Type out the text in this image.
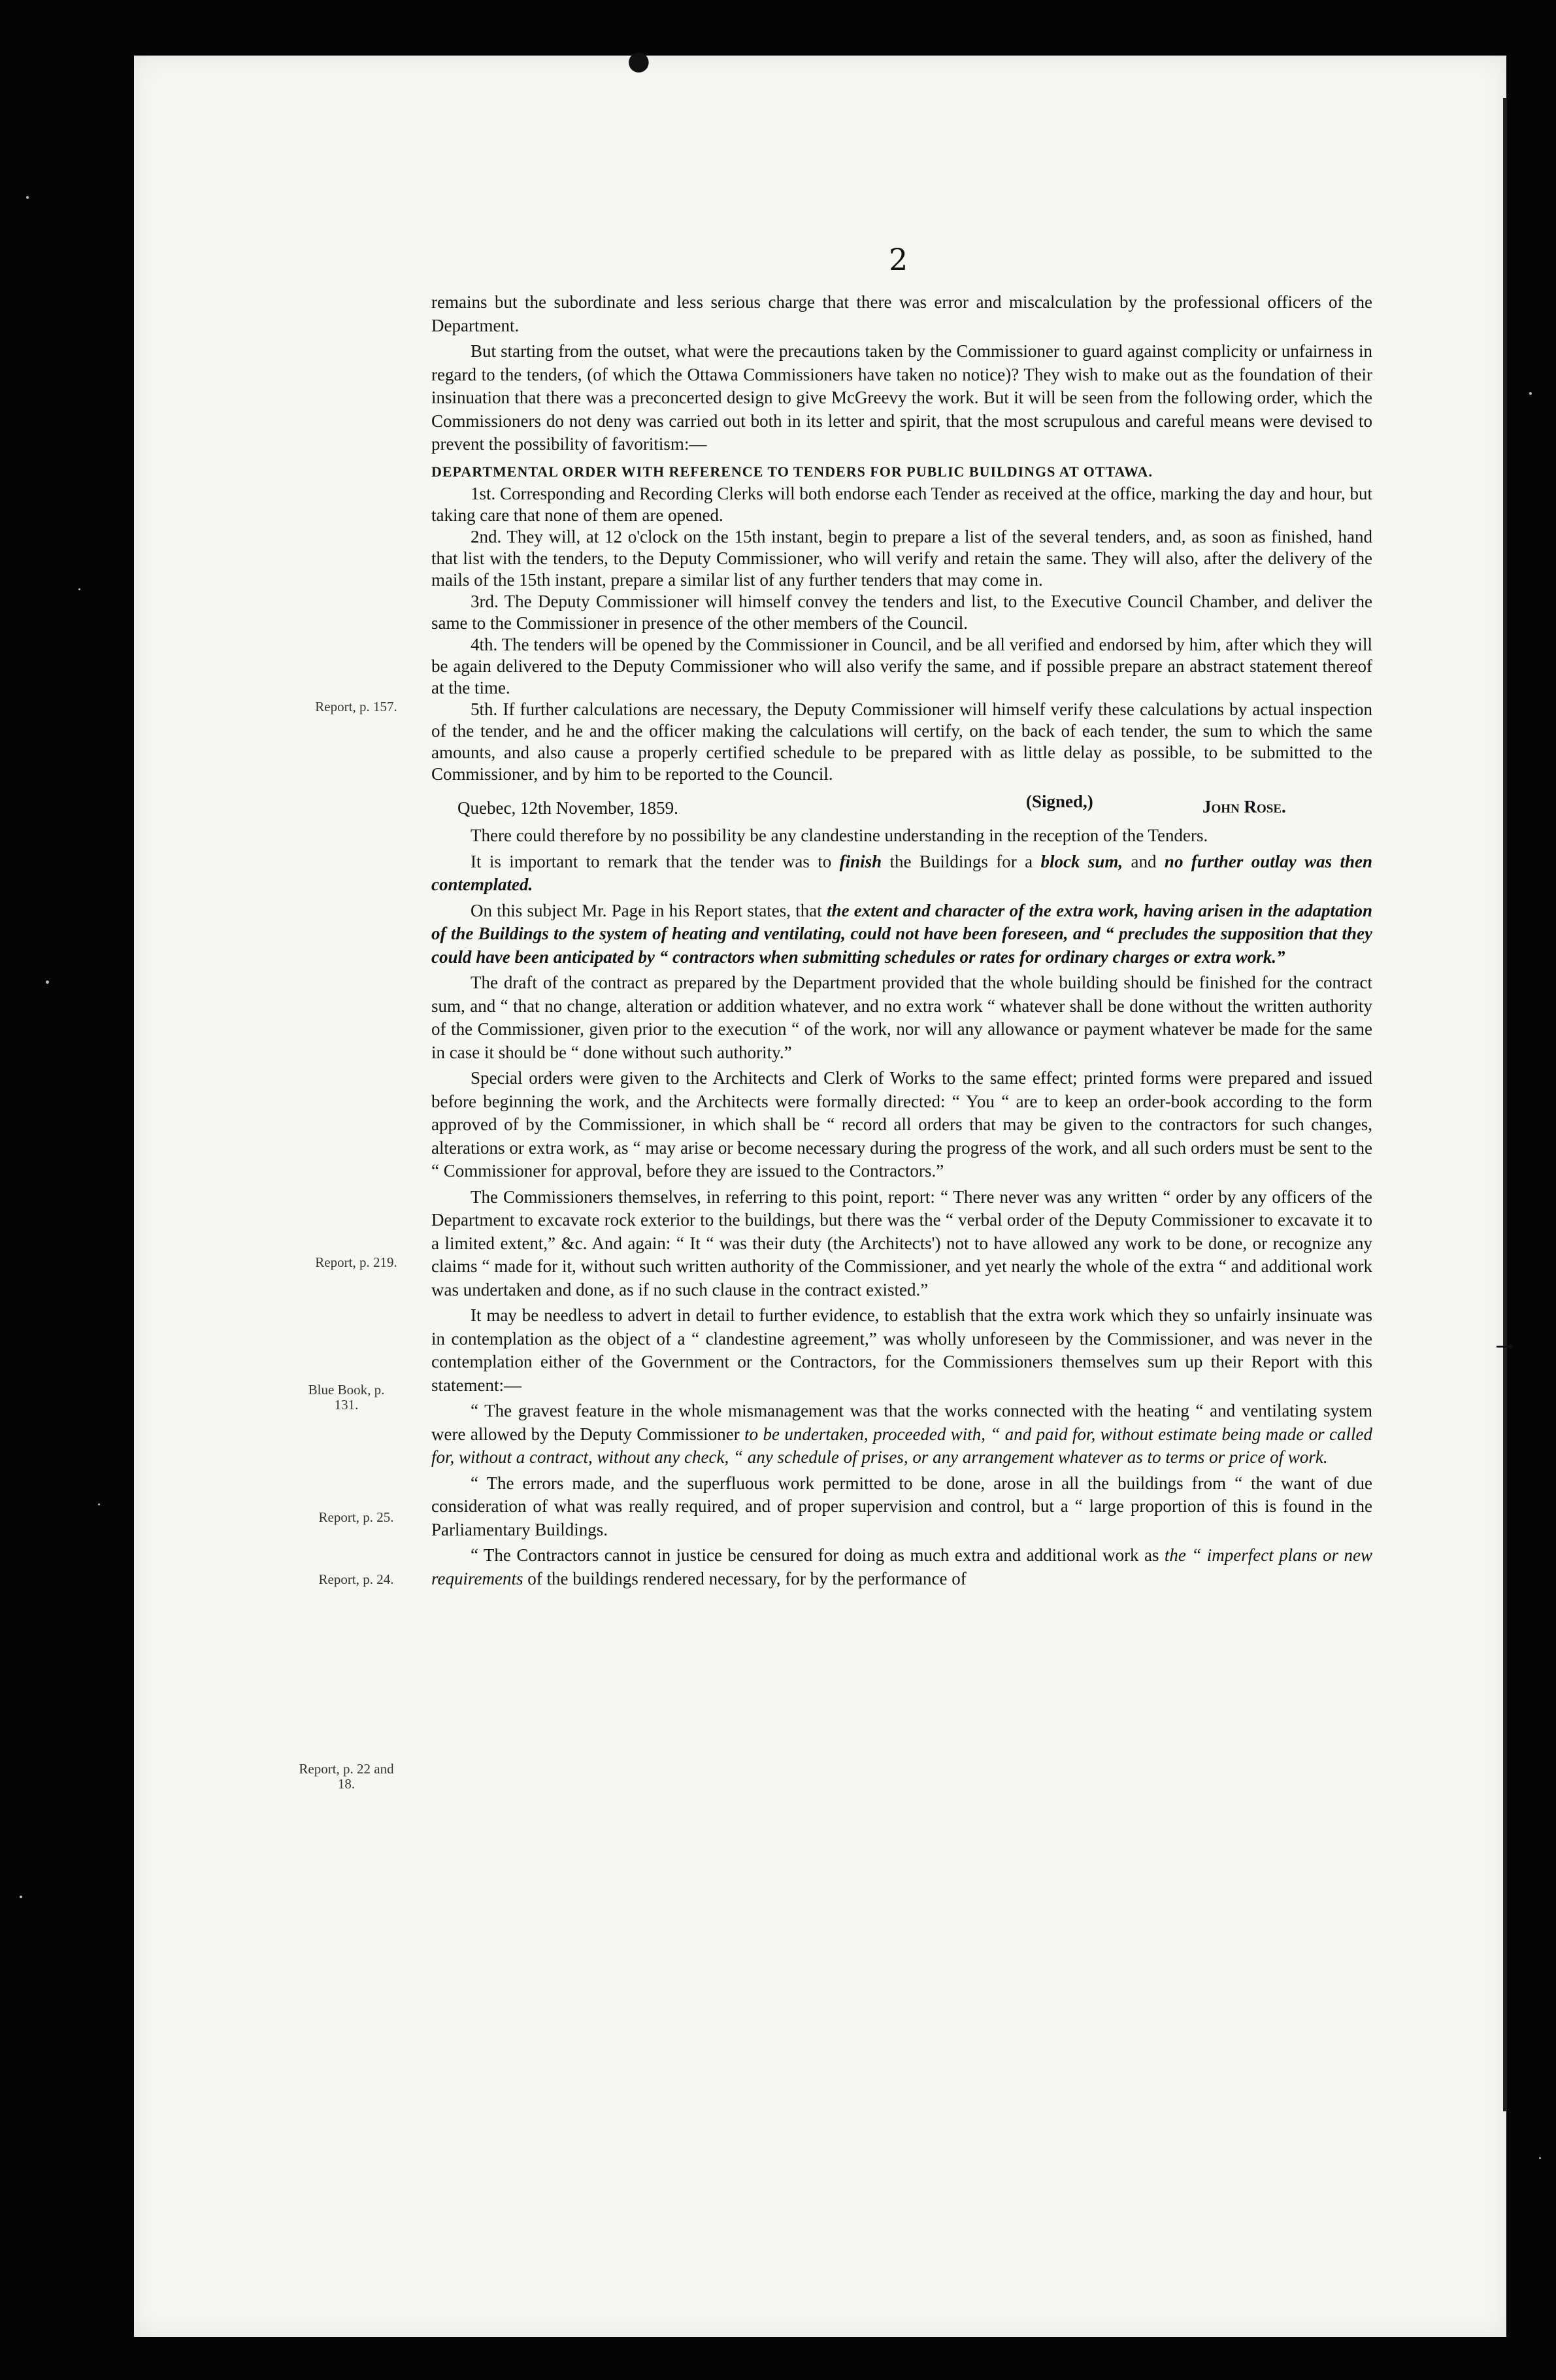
●
→
2
Report, p. 157.
Report, p. 219.
Blue Book, p. 131.
Report, p. 25.
Report, p. 24.
Report, p. 22 and 18.

remains but the subordinate and less serious charge that there was error and miscalculation by the professional officers of the Department.

But starting from the outset, what were the precautions taken by the Commissioner to guard against complicity or unfairness in regard to the tenders, (of which the Ottawa Commissioners have taken no notice)? They wish to make out as the foundation of their insinuation that there was a preconcerted design to give McGreevy the work. But it will be seen from the following order, which the Commissioners do not deny was carried out both in its letter and spirit, that the most scrupulous and careful means were devised to prevent the possibility of favoritism:—

DEPARTMENTAL ORDER WITH REFERENCE TO TENDERS FOR PUBLIC BUILDINGS AT OTTAWA.

1st. Corresponding and Recording Clerks will both endorse each Tender as received at the office, marking the day and hour, but taking care that none of them are opened.

2nd. They will, at 12 o'clock on the 15th instant, begin to prepare a list of the several tenders, and, as soon as finished, hand that list with the tenders, to the Deputy Commissioner, who will verify and retain the same. They will also, after the delivery of the mails of the 15th instant, prepare a similar list of any further tenders that may come in.

3rd. The Deputy Commissioner will himself convey the tenders and list, to the Executive Council Chamber, and deliver the same to the Commissioner in presence of the other members of the Council.

4th. The tenders will be opened by the Commissioner in Council, and be all verified and endorsed by him, after which they will be again delivered to the Deputy Commissioner who will also verify the same, and if possible prepare an abstract statement thereof at the time.

5th. If further calculations are necessary, the Deputy Commissioner will himself verify these calculations by actual inspection of the tender, and he and the officer making the calculations will certify, on the back of each tender, the sum to which the same amounts, and also cause a properly certified schedule to be prepared with as little delay as possible, to be submitted to the Commissioner, and by him to be reported to the Council.

Quebec, 12th November, 1859.	(Signed,)	John Rose.

There could therefore by no possibility be any clandestine understanding in the reception of the Tenders.

It is important to remark that the tender was to finish the Buildings for a block sum, and no further outlay was then contemplated.

On this subject Mr. Page in his Report states, that the extent and character of the extra work, having arisen in the adaptation of the Buildings to the system of heating and ventilating, could not have been foreseen, and “ precludes the supposition that they could have been anticipated by “ contractors when submitting schedules or rates for ordinary charges or extra work.”

The draft of the contract as prepared by the Department provided that the whole building should be finished for the contract sum, and “ that no change, alteration or addition whatever, and no extra work “ whatever shall be done without the written authority of the Commissioner, given prior to the execution “ of the work, nor will any allowance or payment whatever be made for the same in case it should be “ done without such authority.”

Special orders were given to the Architects and Clerk of Works to the same effect; printed forms were prepared and issued before beginning the work, and the Architects were formally directed: “ You “ are to keep an order-book according to the form approved of by the Commissioner, in which shall be “ record all orders that may be given to the contractors for such changes, alterations or extra work, as “ may arise or become necessary during the progress of the work, and all such orders must be sent to the “ Commissioner for approval, before they are issued to the Contractors.”

The Commissioners themselves, in referring to this point, report: “ There never was any written “ order by any officers of the Department to excavate rock exterior to the buildings, but there was the “ verbal order of the Deputy Commissioner to excavate it to a limited extent,” &c. And again: “ It “ was their duty (the Architects') not to have allowed any work to be done, or recognize any claims “ made for it, without such written authority of the Commissioner, and yet nearly the whole of the extra “ and additional work was undertaken and done, as if no such clause in the contract existed.”

It may be needless to advert in detail to further evidence, to establish that the extra work which they so unfairly insinuate was in contemplation as the object of a “ clandestine agreement,” was wholly unforeseen by the Commissioner, and was never in the contemplation either of the Government or the Contractors, for the Commissioners themselves sum up their Report with this statement:—

“ The gravest feature in the whole mismanagement was that the works connected with the heating “ and ventilating system were allowed by the Deputy Commissioner to be undertaken, proceeded with, “ and paid for, without estimate being made or called for, without a contract, without any check, “ any schedule of prises, or any arrangement whatever as to terms or price of work.

“ The errors made, and the superfluous work permitted to be done, arose in all the buildings from “ the want of due consideration of what was really required, and of proper supervision and control, but a “ large proportion of this is found in the Parliamentary Buildings.

“ The Contractors cannot in justice be censured for doing as much extra and additional work as the “ imperfect plans or new requirements of the buildings rendered necessary, for by the performance of
